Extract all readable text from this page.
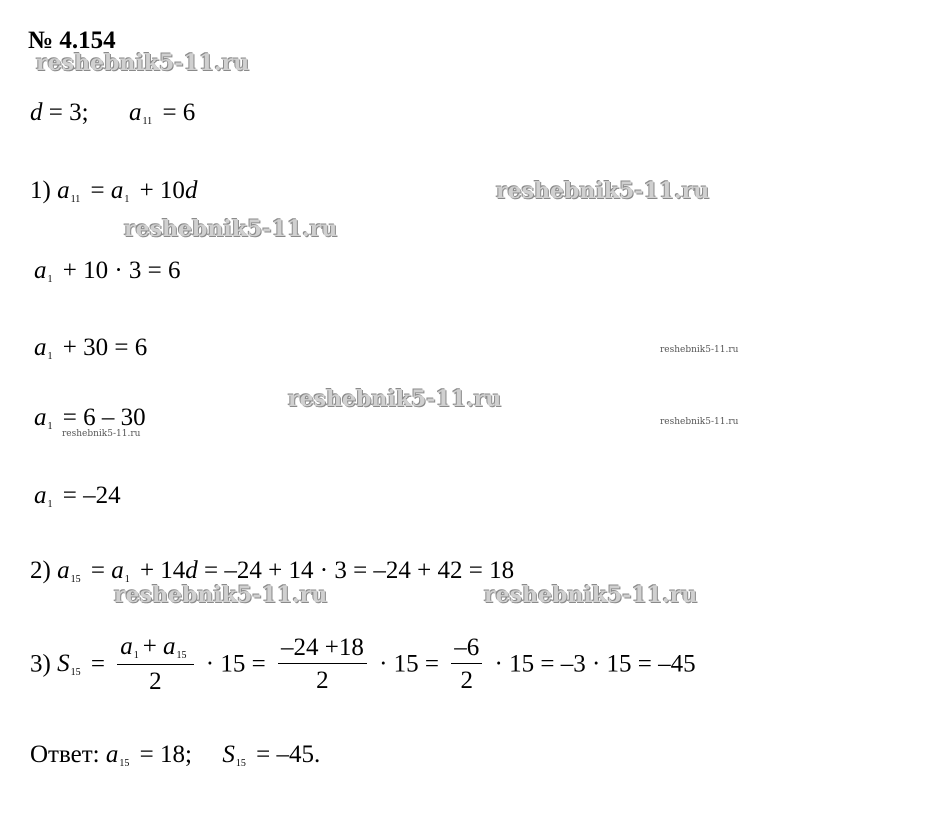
№ 4.154
reshebnik5-11.ru
d = 3; $a_{11} = 6$
1) $a_{11} = a_1 + 10d$	reshebnik5-11.ru
reshebnik5-11.ru
$a_1 + 10 \cdot 3 = 6$
$a_1 + 30 = 6$	reshebnik5-11.ru
reshebnik5-11.ru
$a_1 = 6 - 30$
reshebnik5-11.ru
reshebnik5-11.ru
$a_1 = -24$
2) $a_{15} = a_1 + 14d = -24 + 14 \cdot 3 = -24 + 42 = 18$
reshebnik5-11.ru	reshebnik5-11.ru
3) $S_{15} = \frac{a_1 + a_{15}}{2} \cdot 15 = \frac{-24 +18}{2} \cdot 15 = \frac{-6}{2} \cdot 15 = -3 \cdot 15 = -45$
Ответ: $a_{15} = 18$; $S_{15} = -45$.
